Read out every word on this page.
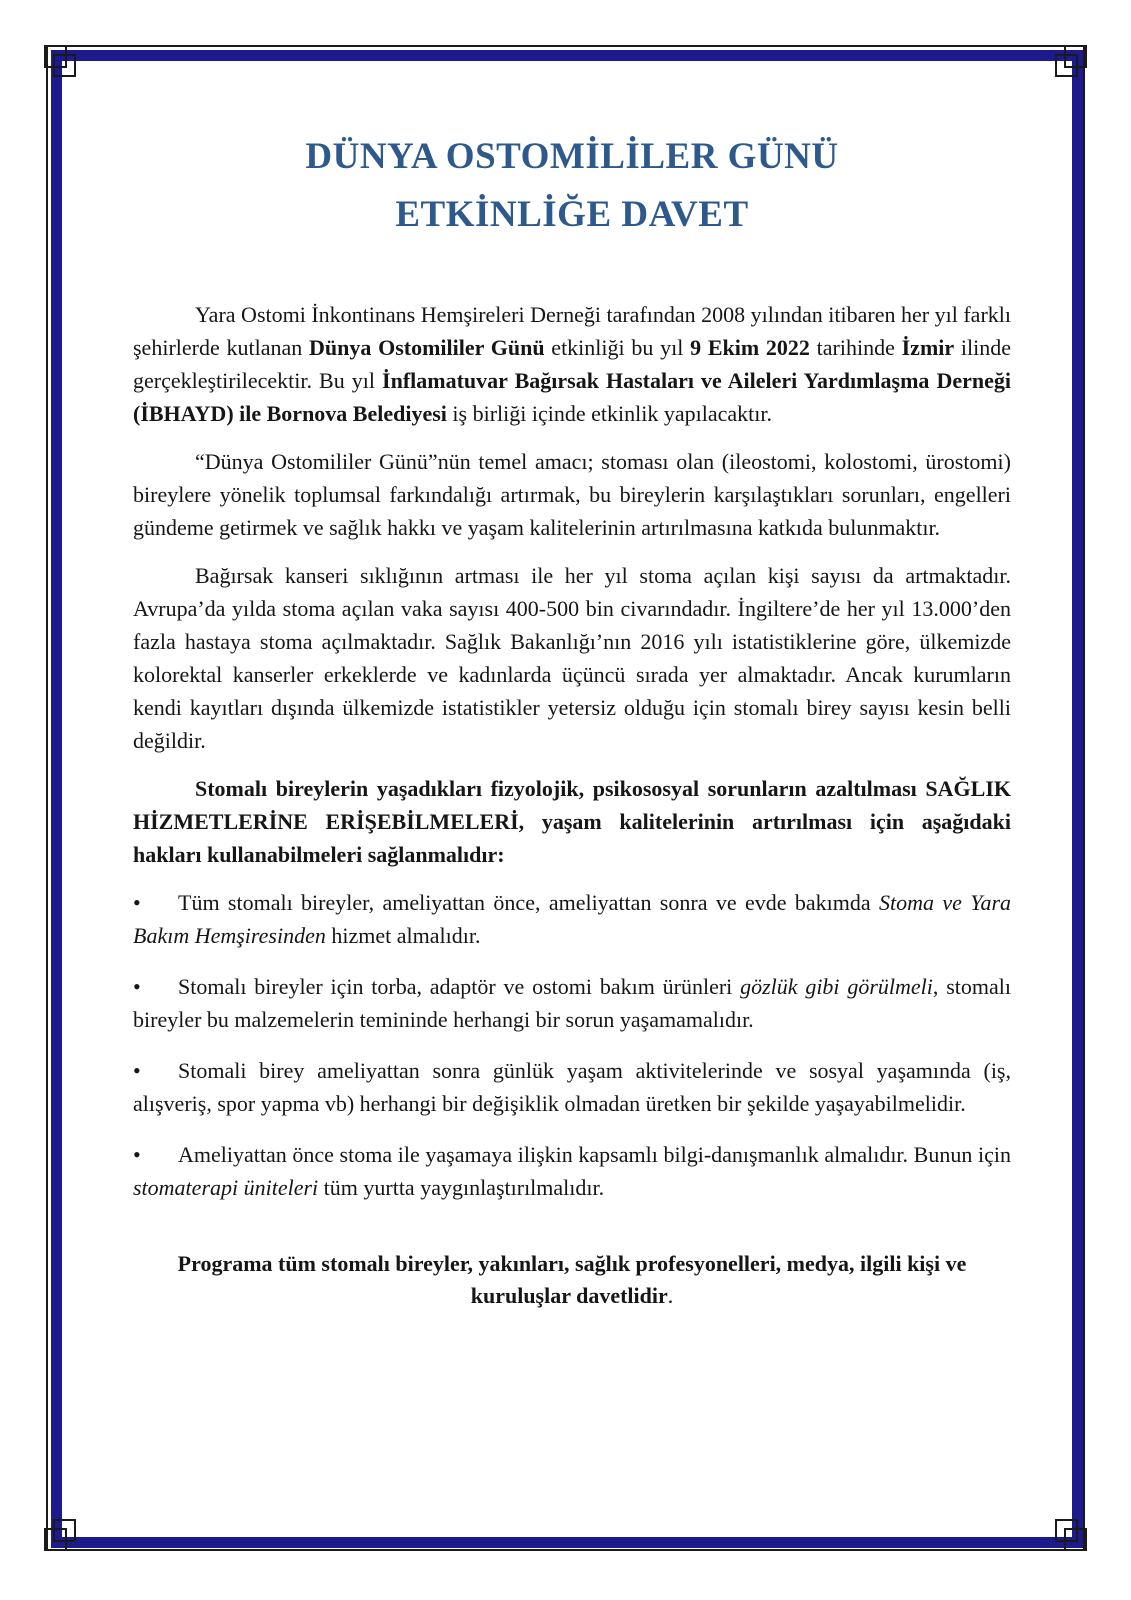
DÜNYA OSTOMİLİLER GÜNÜ
ETKİNLİĞE DAVET

Yara Ostomi İnkontinans Hemşireleri Derneği tarafından 2008 yılından itibaren her yıl farklı şehirlerde kutlanan Dünya Ostomililer Günü etkinliği bu yıl 9 Ekim 2022 tarihinde İzmir ilinde gerçekleştirilecektir. Bu yıl İnflamatuvar Bağırsak Hastaları ve Aileleri Yardımlaşma Derneği (İBHAYD) ile Bornova Belediyesi iş birliği içinde etkinlik yapılacaktır.

“Dünya Ostomililer Günü”nün temel amacı; stoması olan (ileostomi, kolostomi, ürostomi) bireylere yönelik toplumsal farkındalığı artırmak, bu bireylerin karşılaştıkları sorunları, engelleri gündeme getirmek ve sağlık hakkı ve yaşam kalitelerinin artırılmasına katkıda bulunmaktır.

Bağırsak kanseri sıklığının artması ile her yıl stoma açılan kişi sayısı da artmaktadır. Avrupa’da yılda stoma açılan vaka sayısı 400-500 bin civarındadır. İngiltere’de her yıl 13.000’den fazla hastaya stoma açılmaktadır. Sağlık Bakanlığı’nın 2016 yılı istatistiklerine göre, ülkemizde kolorektal kanserler erkeklerde ve kadınlarda üçüncü sırada yer almaktadır. Ancak kurumların kendi kayıtları dışında ülkemizde istatistikler yetersiz olduğu için stomalı birey sayısı kesin belli değildir.

Stomalı bireylerin yaşadıkları fizyolojik, psikososyal sorunların azaltılması SAĞLIK HİZMETLERİNE ERİŞEBİLMELERİ, yaşam kalitelerinin artırılması için aşağıdaki hakları kullanabilmeleri sağlanmalıdır:

• Tüm stomalı bireyler, ameliyattan önce, ameliyattan sonra ve evde bakımda Stoma ve Yara Bakım Hemşiresinden hizmet almalıdır.

• Stomalı bireyler için torba, adaptör ve ostomi bakım ürünleri gözlük gibi görülmeli, stomalı bireyler bu malzemelerin temininde herhangi bir sorun yaşamamalıdır.

• Stomali birey ameliyattan sonra günlük yaşam aktivitelerinde ve sosyal yaşamında (iş, alışveriş, spor yapma vb) herhangi bir değişiklik olmadan üretken bir şekilde yaşayabilmelidir.

• Ameliyattan önce stoma ile yaşamaya ilişkin kapsamlı bilgi-danışmanlık almalıdır. Bunun için stomaterapi üniteleri tüm yurtta yaygınlaştırılmalıdır.

Programa tüm stomalı bireyler, yakınları, sağlık profesyonelleri, medya, ilgili kişi ve kuruluşlar davetlidir.
